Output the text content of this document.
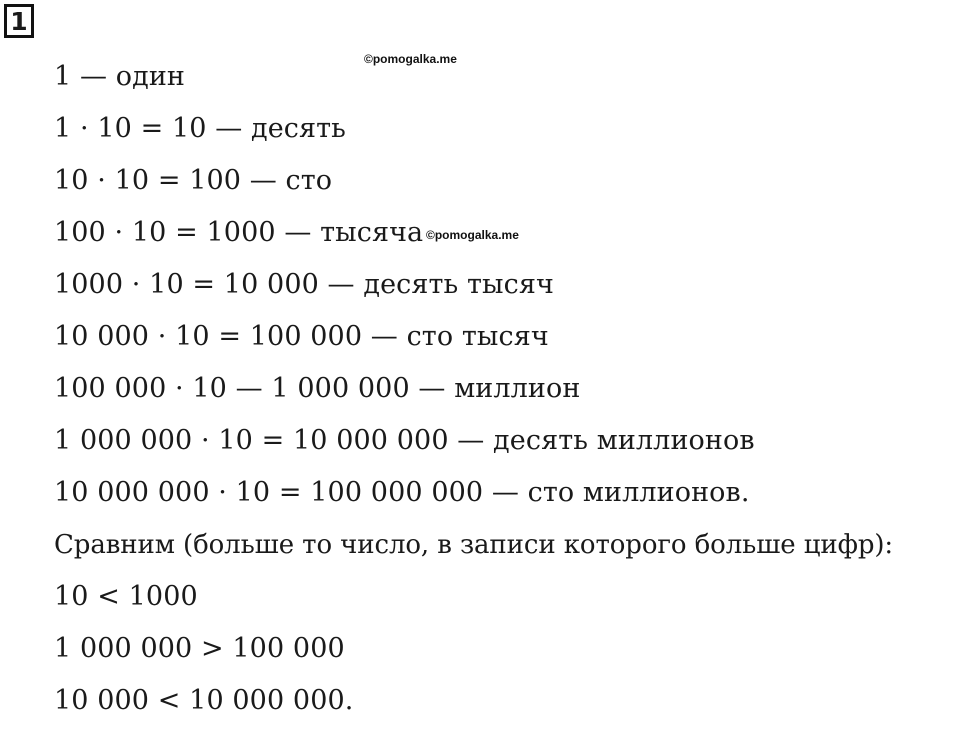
1
©pomogalka.me
©pomogalka.me
1 — один
1 · 10 = 10 — десять
10 · 10 = 100 — сто
100 · 10 = 1000 — тысяча
1000 · 10 = 10 000 — десять тысяч
10 000 · 10 = 100 000 — сто тысяч
100 000 · 10 — 1 000 000 — миллион
1 000 000 · 10 = 10 000 000 — десять миллионов
10 000 000 · 10 = 100 000 000 — сто миллионов.
Сравним (больше то число, в записи которого больше цифр):
10 < 1000
1 000 000 > 100 000
10 000 < 10 000 000.
